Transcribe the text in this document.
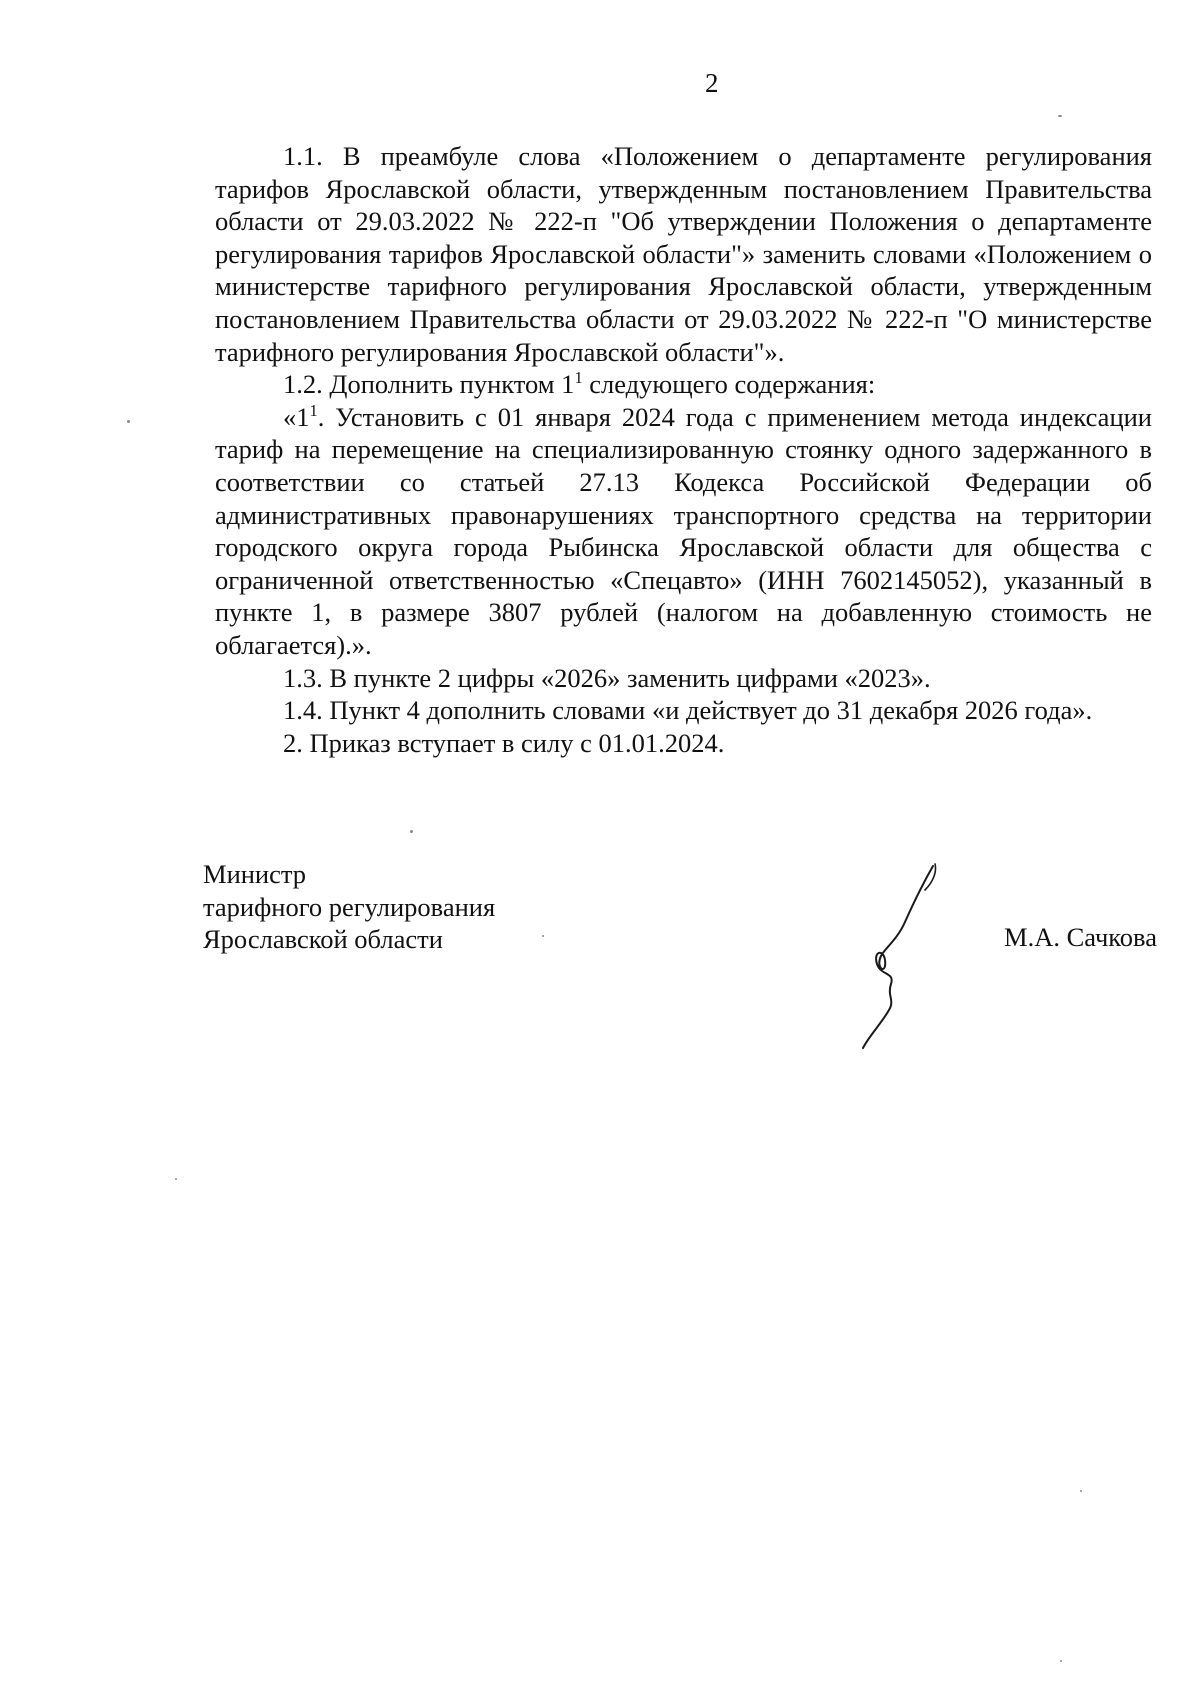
2

1.1. В преамбуле слова «Положением о департаменте регулирования тарифов Ярославской области, утвержденным постановлением Правительства области от 29.03.2022 № 222-п "Об утверждении Положения о департаменте регулирования тарифов Ярославской области"» заменить словами «Положением о министерстве тарифного регулирования Ярославской области, утвержденным постановлением Правительства области от 29.03.2022 № 222-п "О министерстве тарифного регулирования Ярославской области"».

1.2. Дополнить пунктом $1^1$ следующего содержания:

«$1^1$. Установить с 01 января 2024 года с применением метода индексации тариф на перемещение на специализированную стоянку одного задержанного в соответствии со статьей 27.13 Кодекса Российской Федерации об административных правонарушениях транспортного средства на территории городского округа города Рыбинска Ярославской области для общества с ограниченной ответственностью «Спецавто» (ИНН 7602145052), указанный в пункте 1, в размере 3807 рублей (налогом на добавленную стоимость не облагается).».

1.3. В пункте 2 цифры «2026» заменить цифрами «2023».

1.4. Пункт 4 дополнить словами «и действует до 31 декабря 2026 года».

2. Приказ вступает в силу с 01.01.2024.

Министр
тарифного регулирования
Ярославской области	М.А. Сачкова
